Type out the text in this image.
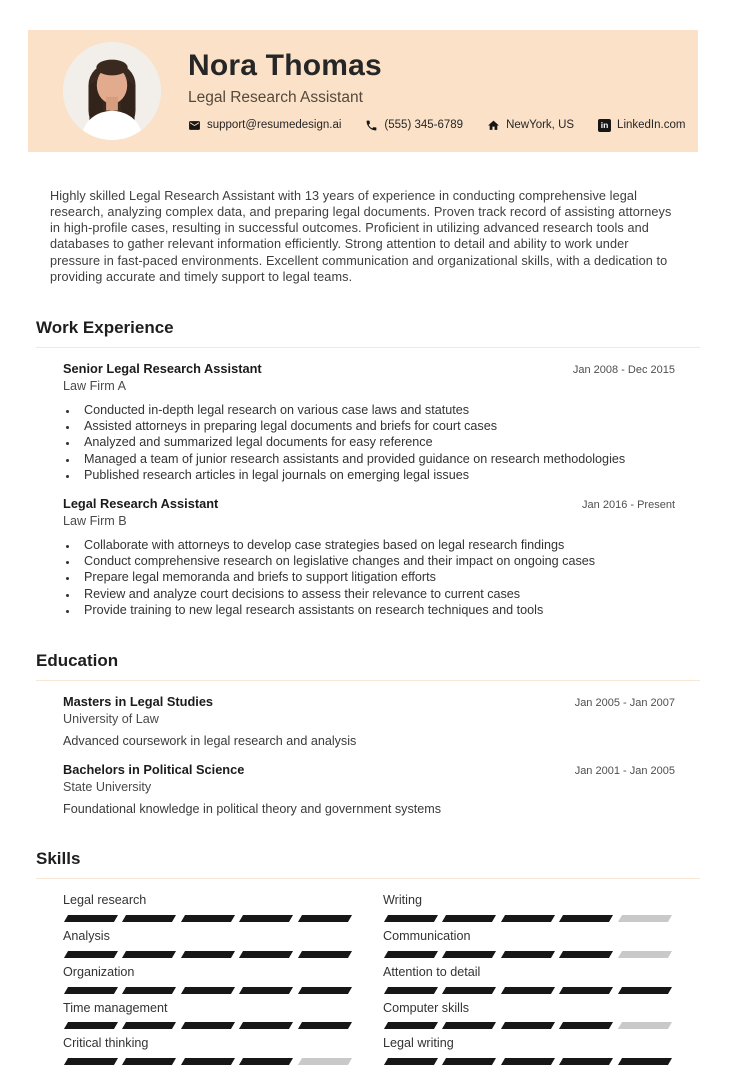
Nora Thomas
Legal Research Assistant
support@resumedesign.ai	(555) 345-6789	NewYork, US	in LinkedIn.com

Highly skilled Legal Research Assistant with 13 years of experience in conducting comprehensive legal research, analyzing complex data, and preparing legal documents. Proven track record of assisting attorneys in high-profile cases, resulting in successful outcomes. Proficient in utilizing advanced research tools and databases to gather relevant information efficiently. Strong attention to detail and ability to work under pressure in fast-paced environments. Excellent communication and organizational skills, with a dedication to providing accurate and timely support to legal teams.

Work Experience
Senior Legal Research Assistant	Jan 2008 - Dec 2015
Law Firm A
• Conducted in-depth legal research on various case laws and statutes
• Assisted attorneys in preparing legal documents and briefs for court cases
• Analyzed and summarized legal documents for easy reference
• Managed a team of junior research assistants and provided guidance on research methodologies
• Published research articles in legal journals on emerging legal issues
Legal Research Assistant	Jan 2016 - Present
Law Firm B
• Collaborate with attorneys to develop case strategies based on legal research findings
• Conduct comprehensive research on legislative changes and their impact on ongoing cases
• Prepare legal memoranda and briefs to support litigation efforts
• Review and analyze court decisions to assess their relevance to current cases
• Provide training to new legal research assistants on research techniques and tools
Education
Masters in Legal Studies	Jan 2005 - Jan 2007
University of Law
Advanced coursework in legal research and analysis
Bachelors in Political Science	Jan 2001 - Jan 2005
State University
Foundational knowledge in political theory and government systems
Skills
Legal research
Analysis
Organization
Time management
Critical thinking
Writing
Communication
Attention to detail
Computer skills
Legal writing
